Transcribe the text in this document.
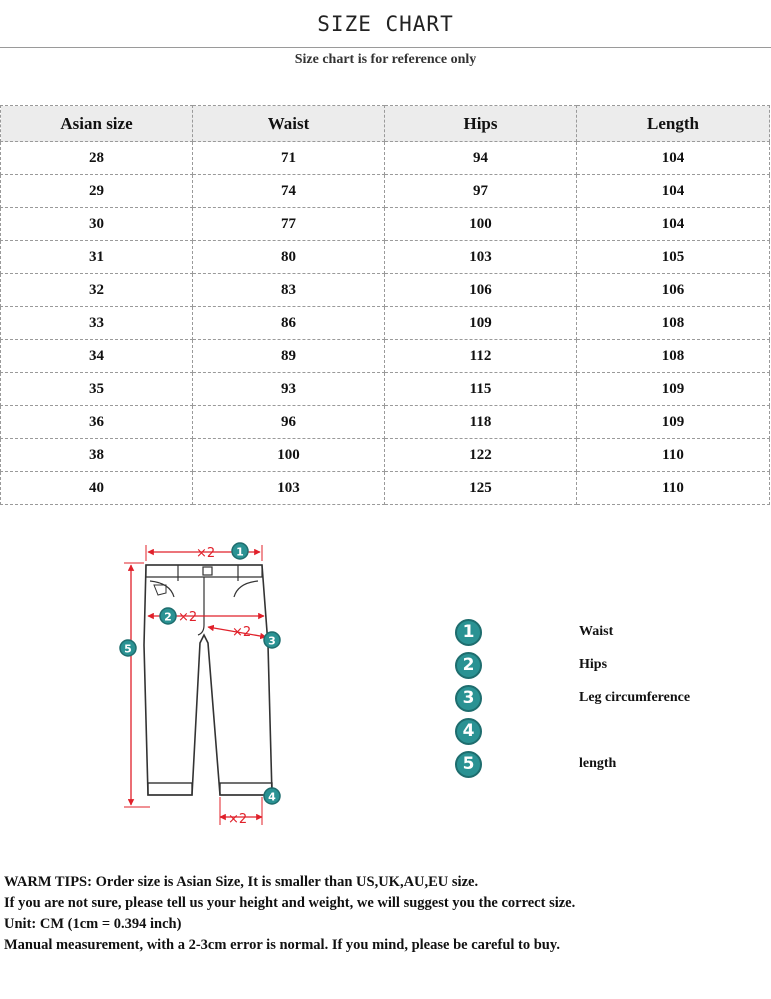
SIZE CHART
Size chart is for reference only
Asian size	Waist	Hips	Length
28	71	94	104
29	74	97	104
30	77	100	104
31	80	103	105
32	83	106	106
33	86	109	108
34	89	112	108
35	93	115	109
36	96	118	109
38	100	122	110
40	103	125	110
×2 1
2 ×2
×2
3
5
×2
4
1	Waist
2	Hips
3	Leg circumference
4
5	length
WARM TIPS: Order size is Asian Size, It is smaller than US,UK,AU,EU size.
If you are not sure, please tell us your height and weight, we will suggest you the correct size.
Unit: CM (1cm = 0.394 inch)
Manual measurement, with a 2-3cm error is normal. If you mind, please be careful to buy.
